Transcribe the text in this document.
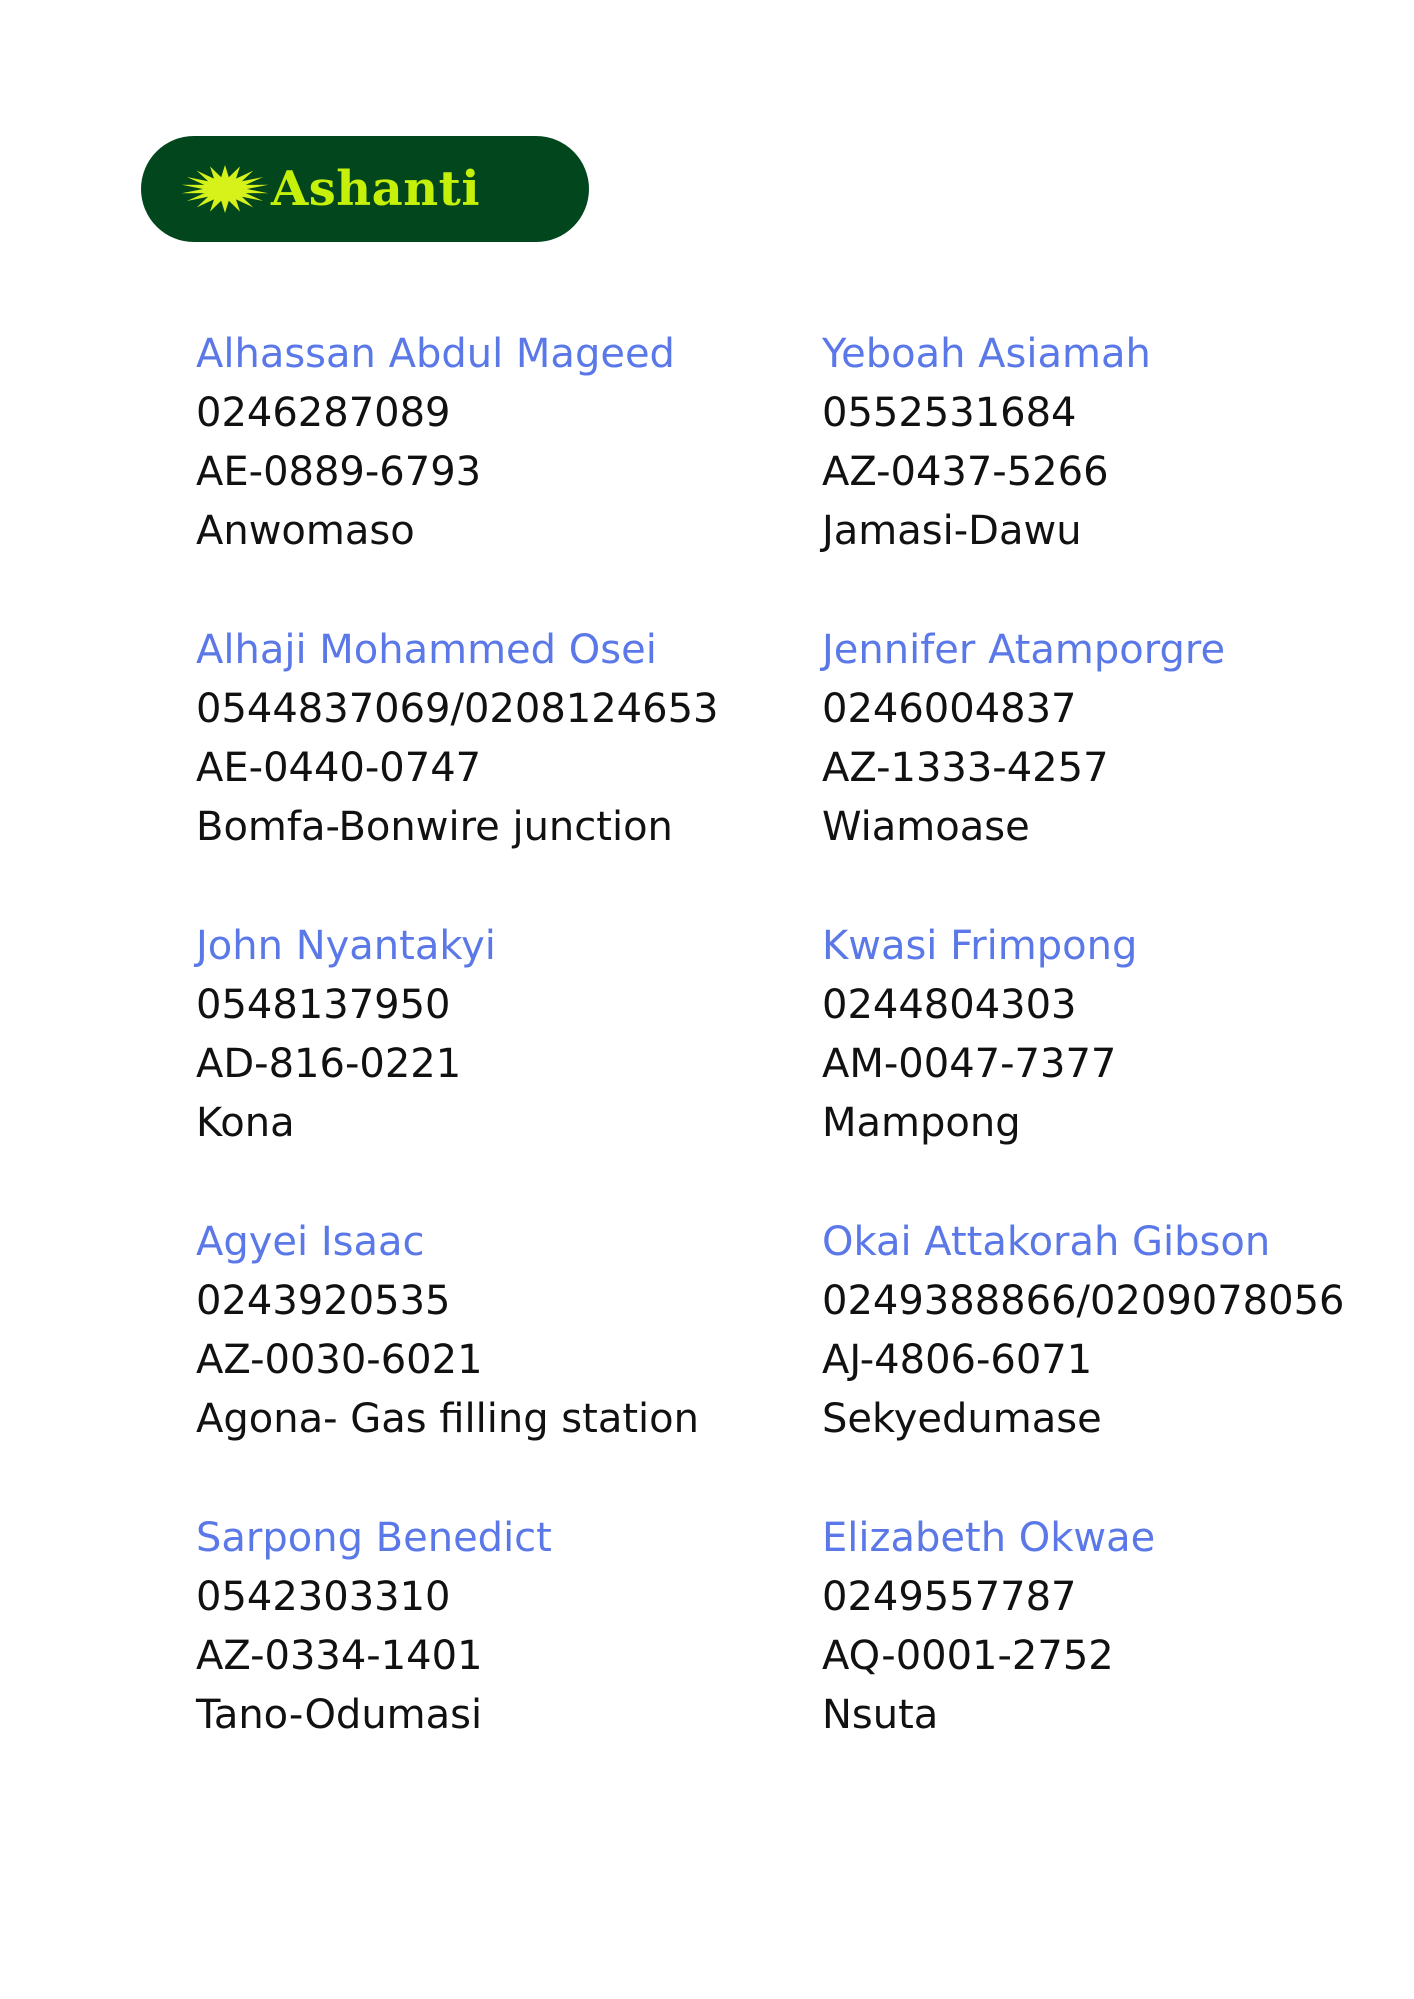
Ashanti
Alhassan Abdul Mageed
0246287089
AE-0889-6793
Anwomaso
Yeboah Asiamah
0552531684
AZ-0437-5266
Jamasi-Dawu
Alhaji Mohammed Osei
0544837069/0208124653
AE-0440-0747
Bomfa-Bonwire junction
Jennifer Atamporgre
0246004837
AZ-1333-4257
Wiamoase
John Nyantakyi
0548137950
AD-816-0221
Kona
Kwasi Frimpong
0244804303
AM-0047-7377
Mampong
Agyei Isaac
0243920535
AZ-0030-6021
Agona- Gas filling station
Okai Attakorah Gibson
0249388866/0209078056
AJ-4806-6071
Sekyedumase
Sarpong Benedict
0542303310
AZ-0334-1401
Tano-Odumasi
Elizabeth Okwae
0249557787
AQ-0001-2752
Nsuta
